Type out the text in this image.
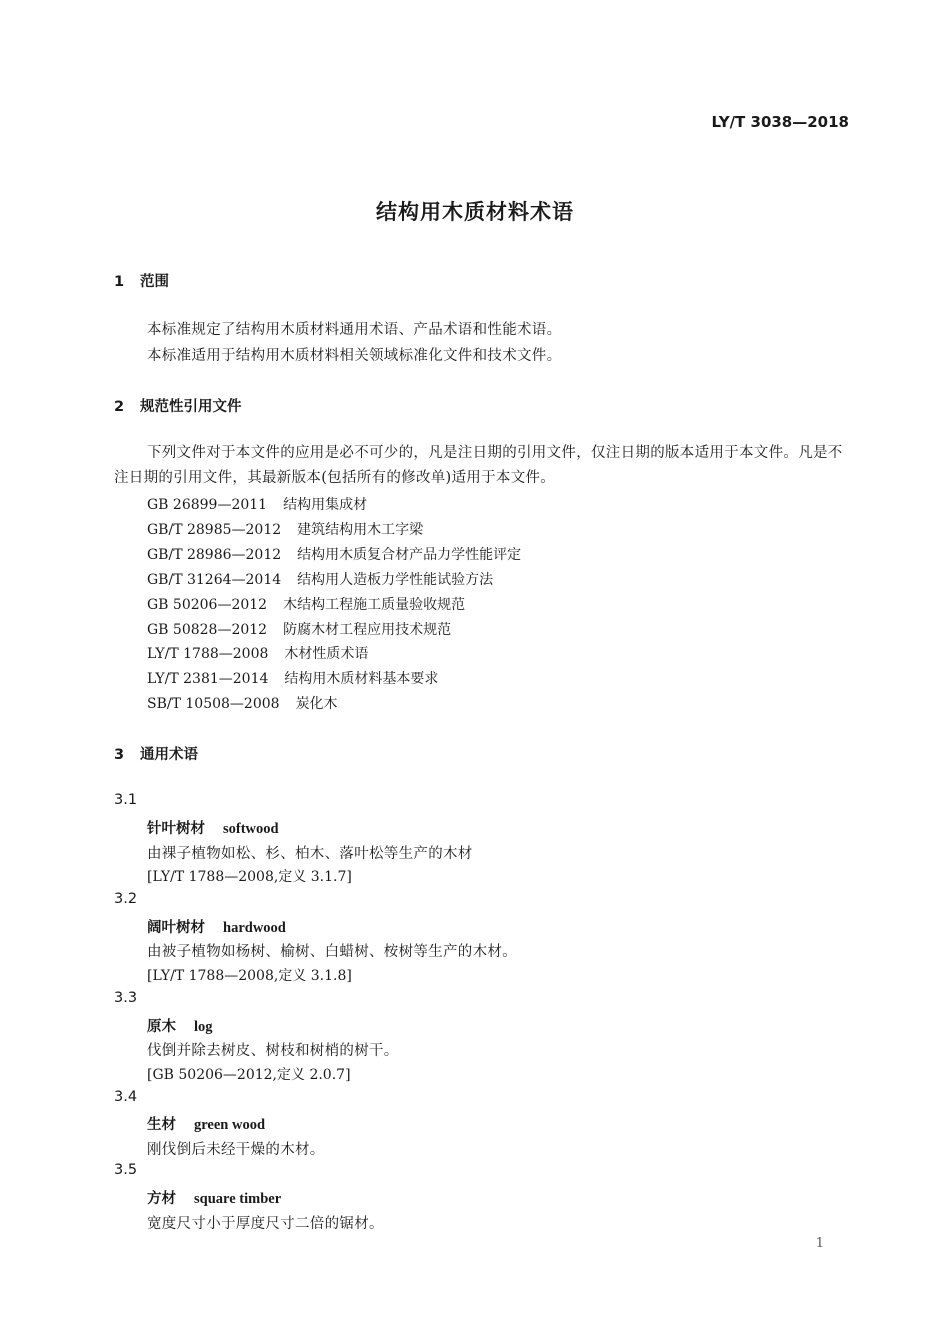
LY/T 3038—2018
结构用木质材料术语
1 范围
本标准规定了结构用木质材料通用术语、产品术语和性能术语。
本标准适用于结构用木质材料相关领域标准化文件和技术文件。
2 规范性引用文件
下列文件对于本文件的应用是必不可少的，凡是注日期的引用文件，仅注日期的版本适用于本文件。凡是不注日期的引用文件，其最新版本(包括所有的修改单)适用于本文件。
GB 26899—2011 结构用集成材
GB/T 28985—2012 建筑结构用木工字梁
GB/T 28986—2012 结构用木质复合材产品力学性能评定
GB/T 31264—2014 结构用人造板力学性能试验方法
GB 50206—2012 木结构工程施工质量验收规范
GB 50828—2012 防腐木材工程应用技术规范
LY/T 1788—2008 木材性质术语
LY/T 2381—2014 结构用木质材料基本要求
SB/T 10508—2008 炭化木
3 通用术语
3.1
针叶树材 softwood
由裸子植物如松、杉、柏木、落叶松等生产的木材
[LY/T 1788—2008,定义 3.1.7]
3.2
阔叶树材 hardwood
由被子植物如杨树、榆树、白蜡树、桉树等生产的木材。
[LY/T 1788—2008,定义 3.1.8]
3.3
原木 log
伐倒并除去树皮、树枝和树梢的树干。
[GB 50206—2012,定义 2.0.7]
3.4
生材 green wood
刚伐倒后未经干燥的木材。
3.5
方材 square timber
宽度尺寸小于厚度尺寸二倍的锯材。
1
